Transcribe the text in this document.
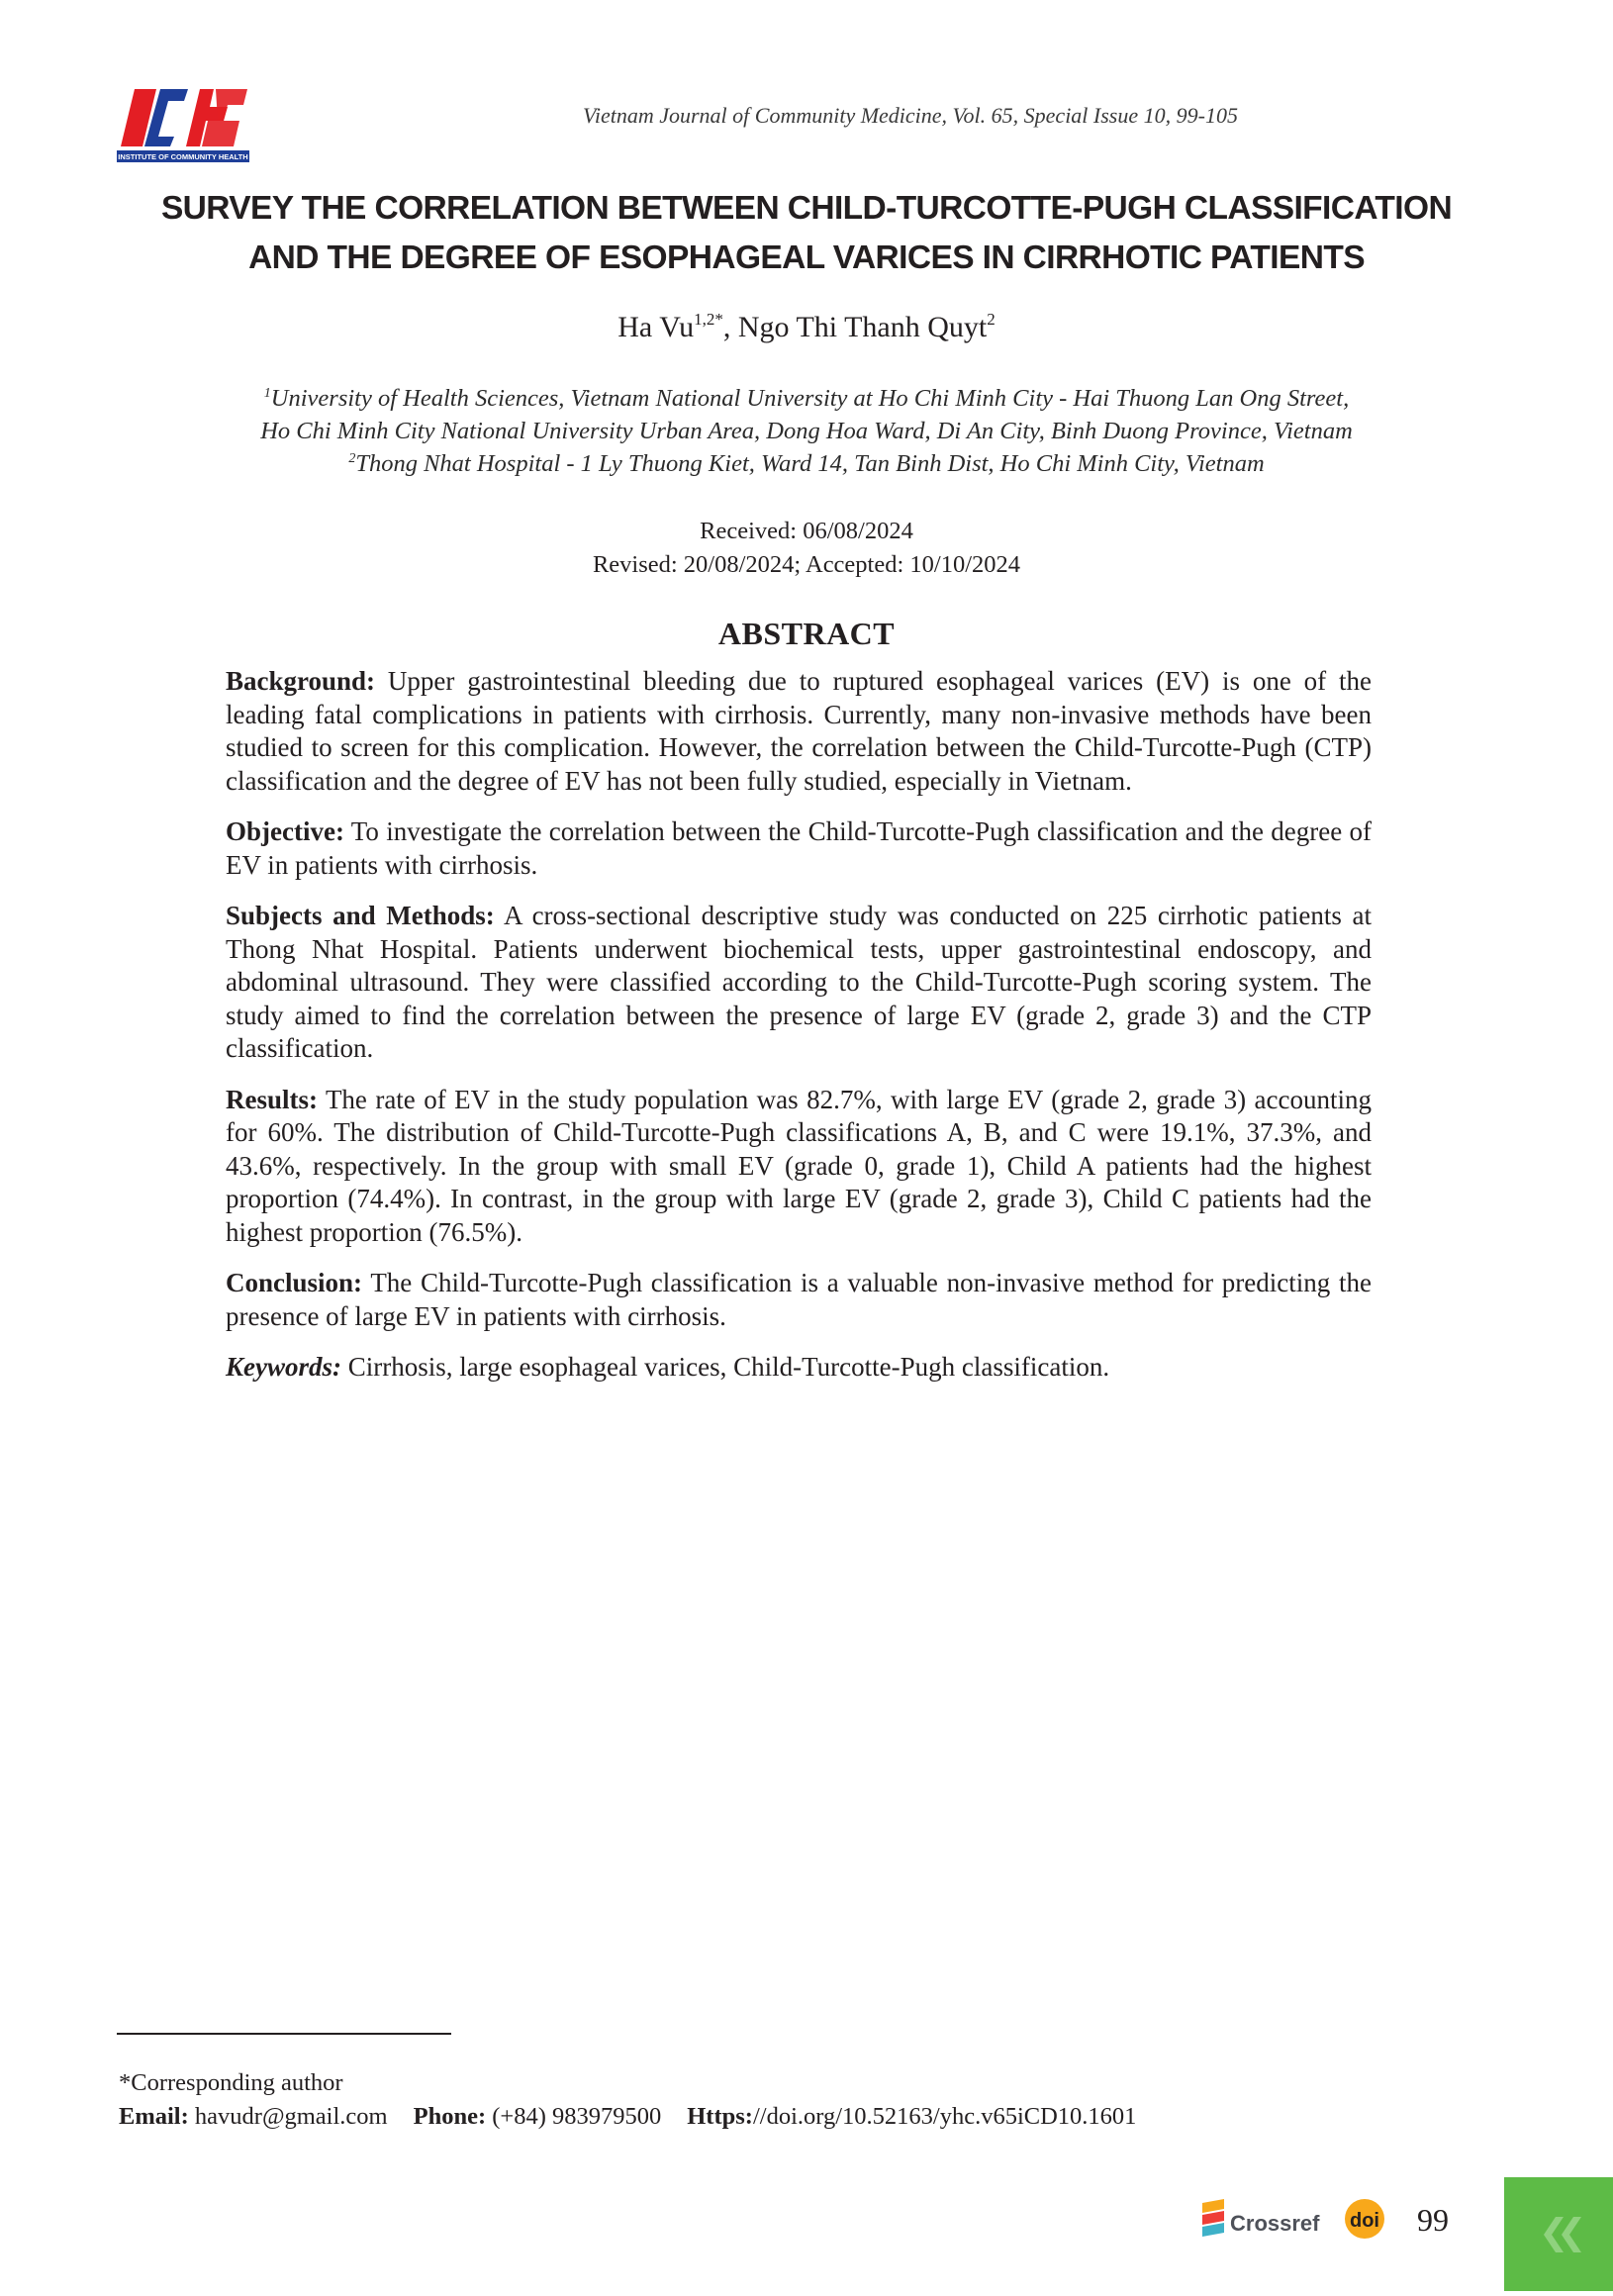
INSTITUTE OF COMMUNITY HEALTH
Vietnam Journal of Community Medicine, Vol. 65, Special Issue 10, 99-105
SURVEY THE CORRELATION BETWEEN CHILD-TURCOTTE-PUGH CLASSIFICATION
AND THE DEGREE OF ESOPHAGEAL VARICES IN CIRRHOTIC PATIENTS
Ha $Vu^{1,2*}$, Ngo Thi Thanh Quyt$^2$
$^1$University of Health Sciences, Vietnam National University at Ho Chi Minh City - Hai Thuong Lan Ong Street,
Ho Chi Minh City National University Urban Area, Dong Hoa Ward, Di An City, Binh Duong Province, Vietnam
$^2$Thong Nhat Hospital - 1 Ly Thuong Kiet, Ward 14, Tan Binh Dist, Ho Chi Minh City, Vietnam
Received: 06/08/2024
Revised: 20/08/2024; Accepted: 10/10/2024
ABSTRACT

Background: Upper gastrointestinal bleeding due to ruptured esophageal varices (EV) is one of the leading fatal complications in patients with cirrhosis. Currently, many non-invasive methods have been studied to screen for this complication. However, the correlation between the Child-Turcotte-Pugh (CTP) classification and the degree of EV has not been fully studied, especially in Vietnam.

Objective: To investigate the correlation between the Child-Turcotte-Pugh classification and the degree of EV in patients with cirrhosis.

Subjects and Methods: A cross-sectional descriptive study was conducted on 225 cirrhotic patients at Thong Nhat Hospital. Patients underwent biochemical tests, upper gastrointestinal endoscopy, and abdominal ultrasound. They were classified according to the Child-Turcotte-Pugh scoring system. The study aimed to find the correlation between the presence of large EV (grade 2, grade 3) and the CTP classification.

Results: The rate of EV in the study population was 82.7%, with large EV (grade 2, grade 3) accounting for 60%. The distribution of Child-Turcotte-Pugh classifications A, B, and C were 19.1%, 37.3%, and 43.6%, respectively. In the group with small EV (grade 0, grade 1), Child A patients had the highest proportion (74.4%). In contrast, in the group with large EV (grade 2, grade 3), Child C patients had the highest proportion (76.5%).

Conclusion: The Child-Turcotte-Pugh classification is a valuable non-invasive method for predicting the presence of large EV in patients with cirrhosis.

Keywords: Cirrhosis, large esophageal varices, Child-Turcotte-Pugh classification.

*Corresponding author
Email: havudr@gmail.com Phone: (+84) 983979500 Https://doi.org/10.52163/yhc.v65iCD10.1601
Crossref doi 99
